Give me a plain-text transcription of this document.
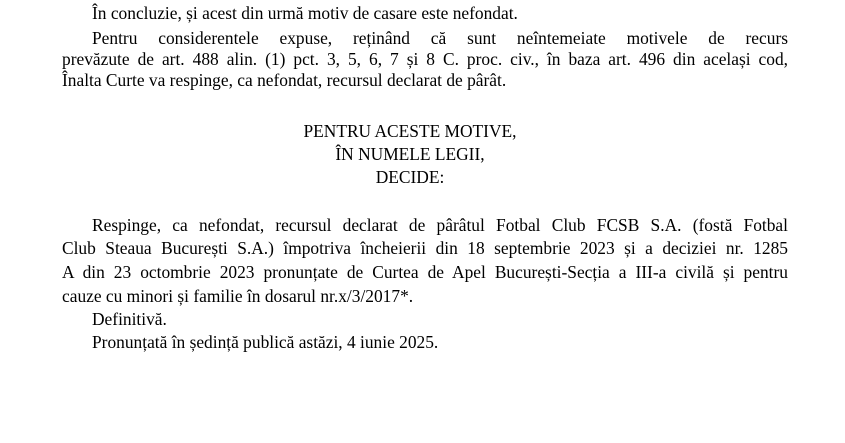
În concluzie, și acest din urmă motiv de casare este nefondat.
Pentru considerentele expuse, reținând că sunt neîntemeiate motivele de recurs
prevăzute de art. 488 alin. (1) pct. 3, 5, 6, 7 și 8 C. proc. civ., în baza art. 496 din același cod,
Înalta Curte va respinge, ca nefondat, recursul declarat de pârât.
PENTRU ACESTE MOTIVE,
ÎN NUMELE LEGII,
DECIDE:
Respinge, ca nefondat, recursul declarat de pârâtul Fotbal Club FCSB S.A. (fostă Fotbal
Club Steaua București S.A.) împotriva încheierii din 18 septembrie 2023 și a deciziei nr. 1285
A din 23 octombrie 2023 pronunțate de Curtea de Apel București-Secția a III-a civilă și pentru
cauze cu minori și familie în dosarul nr.x/3/2017*.
Definitivă.
Pronunțată în ședință publică astăzi, 4 iunie 2025.
